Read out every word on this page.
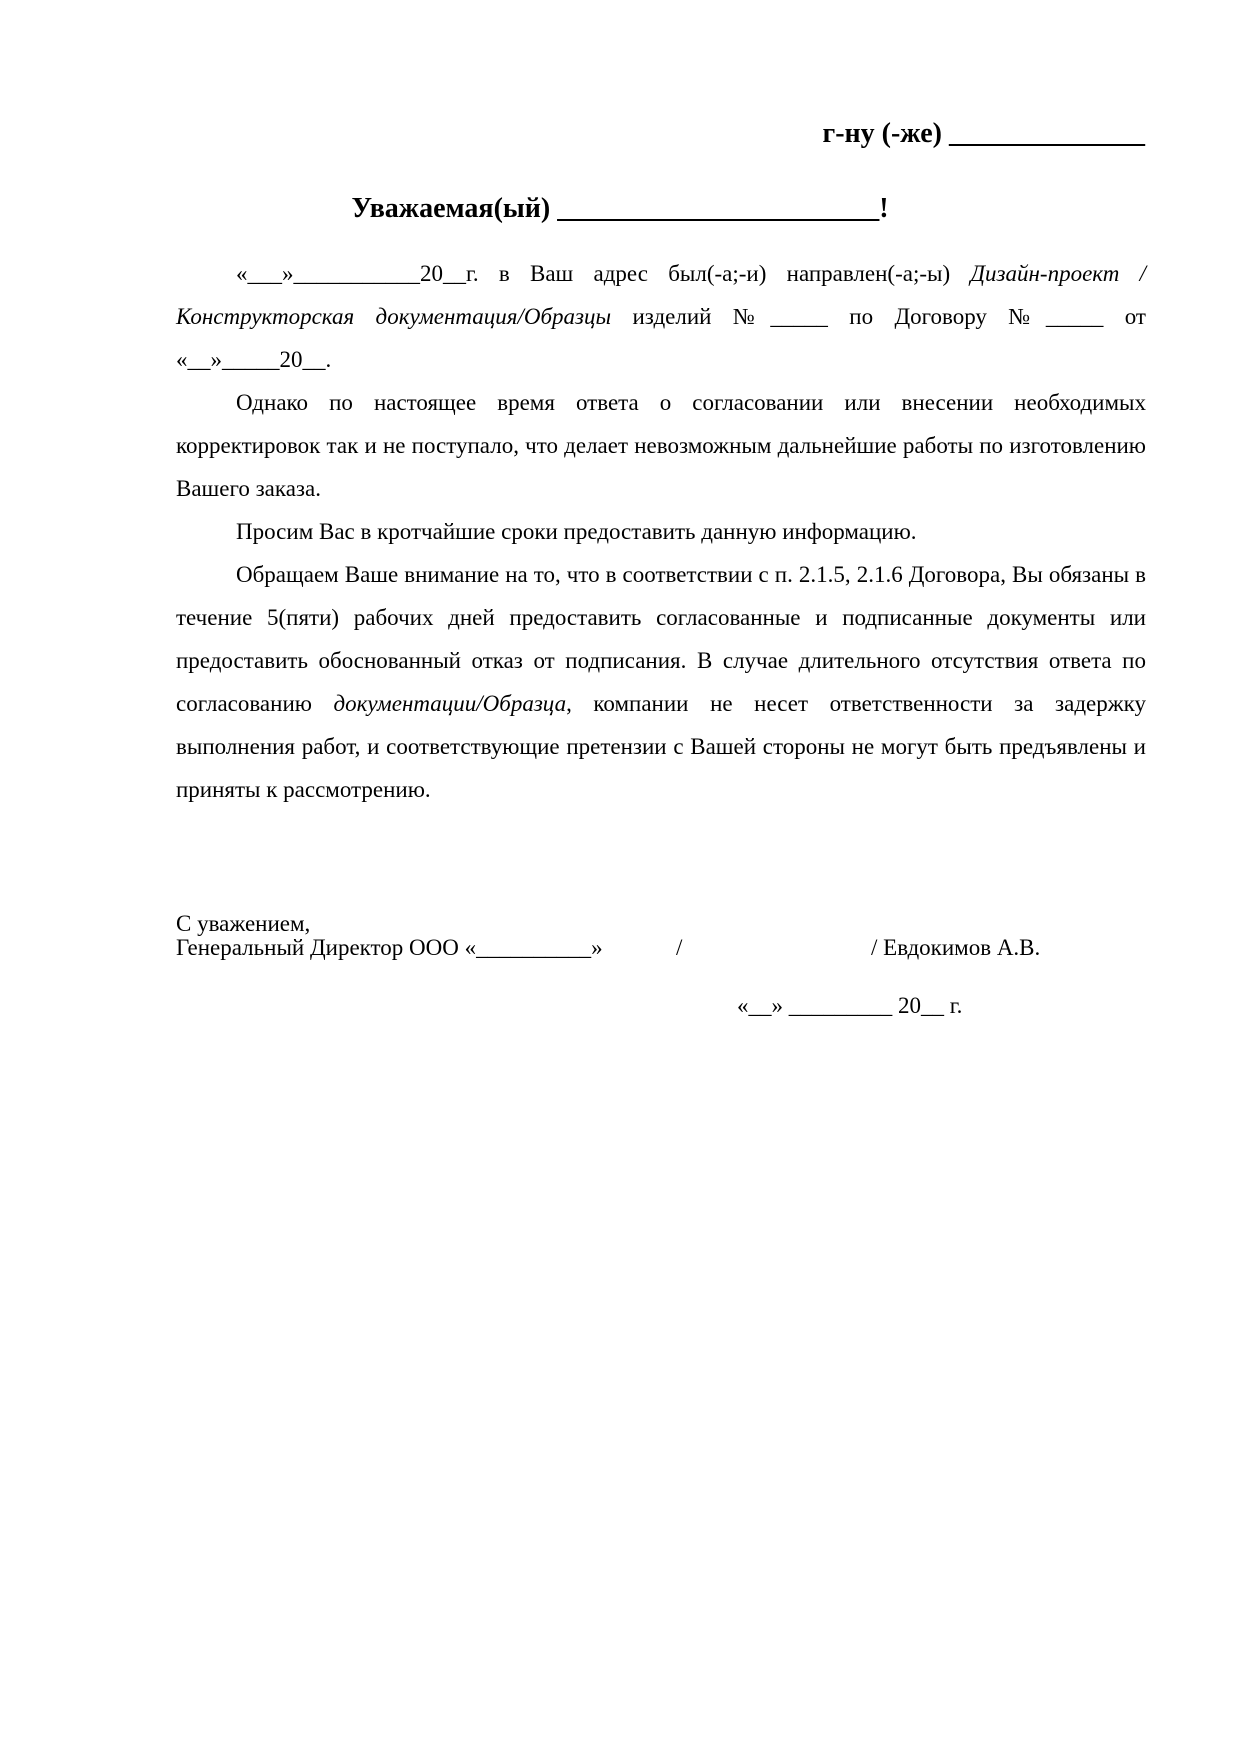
г-ну (-же) ______________
Уважаемая(ый) _______________________!

«___»___________20__г. в Ваш адрес был(-а;-и) направлен(-а;-ы) Дизайн-проект / Конструкторская документация/Образцы изделий №_____ по Договору №_____ от «__»_____20__.

Однако по настоящее время ответа о согласовании или внесении необходимых корректировок так и не поступало, что делает невозможным дальнейшие работы по изготовлению Вашего заказа.

Просим Вас в кротчайшие сроки предоставить данную информацию.

Обращаем Ваше внимание на то, что в соответствии с п. 2.1.5, 2.1.6 Договора, Вы обязаны в течение 5(пяти) рабочих дней предоставить согласованные и подписанные документы или предоставить обоснованный отказ от подписания. В случае длительного отсутствия ответа по согласованию документации/Образца, компании не несет ответственности за задержку выполнения работ, и соответствующие претензии с Вашей стороны не могут быть предъявлены и приняты к рассмотрению.

С уважением,
Генеральный Директор ООО «__________»	/	/ Евдокимов А.В.
«__» _________ 20__ г.
